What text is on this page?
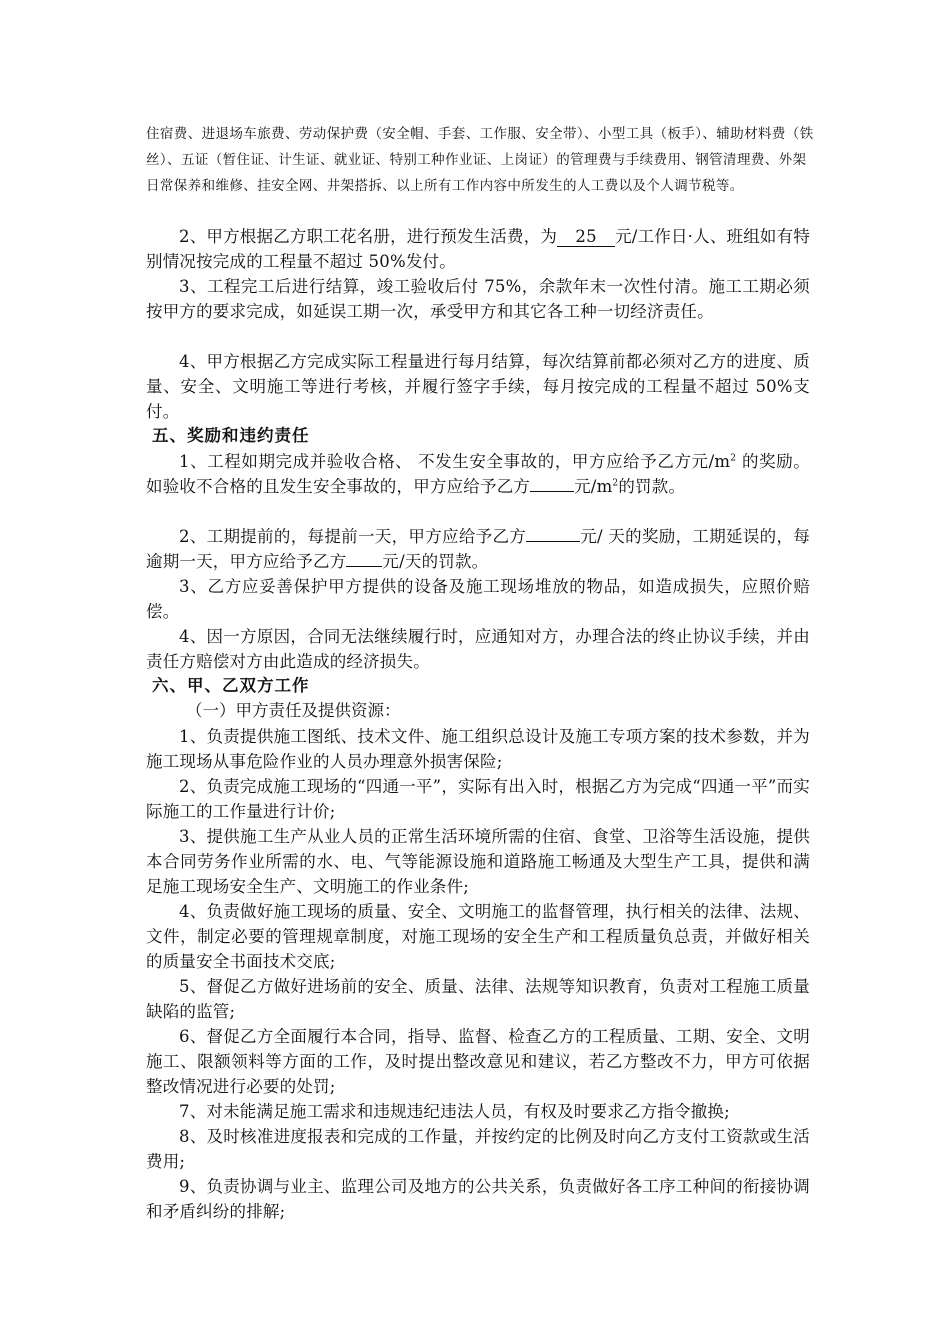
住宿费、进退场车旅费、劳动保护费（安全帽、手套、工作服、安全带）、小型工具（板手）、辅助材料费（铁丝）、五证（暂住证、计生证、就业证、特别工种作业证、上岗证）的管理费与手续费用、钢管清理费、外架日常保养和维修、挂安全网、井架搭拆、以上所有工作内容中所发生的人工费以及个人调节税等。
2、甲方根据乙方职工花名册，进行预发生活费，为 25 元/工作日·人、班组如有特别情况按完成的工程量不超过 50%发付。
3、工程完工后进行结算，竣工验收后付 75%，余款年末一次性付清。施工工期必须按甲方的要求完成，如延误工期一次，承受甲方和其它各工种一切经济责任。
4、甲方根据乙方完成实际工程量进行每月结算，每次结算前都必须对乙方的进度、质量、安全、文明施工等进行考核，并履行签字手续，每月按完成的工程量不超过 50%支付。
五、奖励和违约责任
1、工程如期完成并验收合格、 不发生安全事故的，甲方应给予乙方元$/m^2$ 的奖励。如验收不合格的且发生安全事故的，甲方应给予乙方	元$/m^2$的罚款。
2、工期提前的，每提前一天，甲方应给予乙方	元/ 天的奖励，工期延误的，每逾期一天，甲方应给予乙方 元/天的罚款。
3、乙方应妥善保护甲方提供的设备及施工现场堆放的物品，如造成损失，应照价赔偿。
4、因一方原因，合同无法继续履行时，应通知对方，办理合法的终止协议手续，并由责任方赔偿对方由此造成的经济损失。
六、甲、乙双方工作
（一）甲方责任及提供资源：
1、负责提供施工图纸、技术文件、施工组织总设计及施工专项方案的技术参数，并为施工现场从事危险作业的人员办理意外损害保险;
2、负责完成施工现场的“四通一平”，实际有出入时，根据乙方为完成“四通一平”而实际施工的工作量进行计价;
3、提供施工生产从业人员的正常生活环境所需的住宿、食堂、卫浴等生活设施，提供本合同劳务作业所需的水、电、气等能源设施和道路施工畅通及大型生产工具，提供和满足施工现场安全生产、文明施工的作业条件;
4、负责做好施工现场的质量、安全、文明施工的监督管理，执行相关的法律、法规、文件，制定必要的管理规章制度，对施工现场的安全生产和工程质量负总责，并做好相关的质量安全书面技术交底;
5、督促乙方做好进场前的安全、质量、法律、法规等知识教育，负责对工程施工质量缺陷的监管;
6、督促乙方全面履行本合同，指导、监督、检查乙方的工程质量、工期、安全、文明施工、限额领料等方面的工作，及时提出整改意见和建议，若乙方整改不力，甲方可依据整改情况进行必要的处罚;
7、对未能满足施工需求和违规违纪违法人员，有权及时要求乙方指令撤换;
8、及时核准进度报表和完成的工作量，并按约定的比例及时向乙方支付工资款或生活费用;
9、负责协调与业主、监理公司及地方的公共关系，负责做好各工序工种间的衔接协调和矛盾纠纷的排解;
